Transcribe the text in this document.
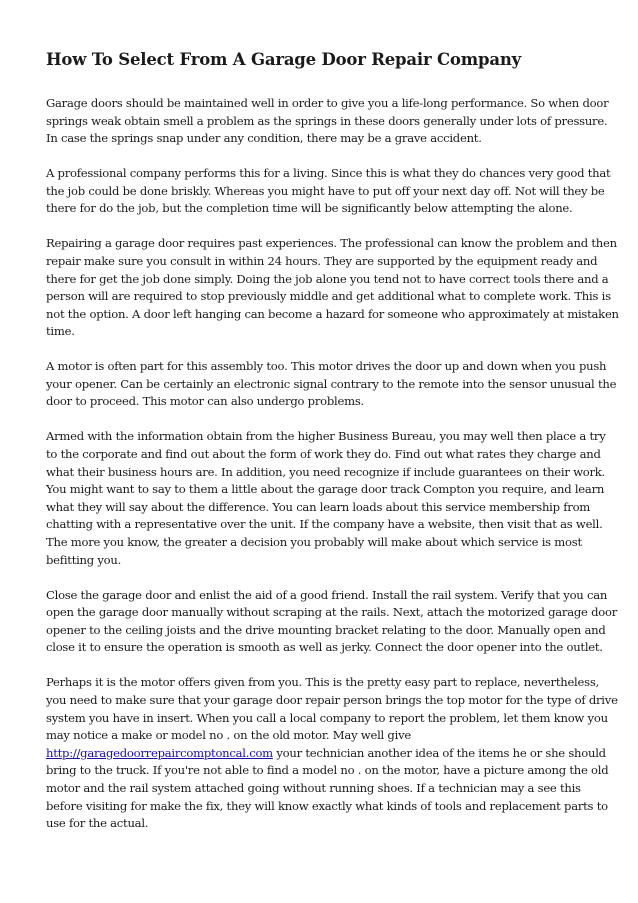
How To Select From A Garage Door Repair Company

Garage doors should be maintained well in order to give you a life-long performance. So when door
springs weak obtain smell a problem as the springs in these doors generally under lots of pressure.
In case the springs snap under any condition, there may be a grave accident.

A professional company performs this for a living. Since this is what they do chances very good that
the job could be done briskly. Whereas you might have to put off your next day off. Not will they be
there for do the job, but the completion time will be significantly below attempting the alone.

Repairing a garage door requires past experiences. The professional can know the problem and then
repair make sure you consult in within 24 hours. They are supported by the equipment ready and
there for get the job done simply. Doing the job alone you tend not to have correct tools there and a
person will are required to stop previously middle and get additional what to complete work. This is
not the option. A door left hanging can become a hazard for someone who approximately at mistaken
time.

A motor is often part for this assembly too. This motor drives the door up and down when you push
your opener. Can be certainly an electronic signal contrary to the remote into the sensor unusual the
door to proceed. This motor can also undergo problems.

Armed with the information obtain from the higher Business Bureau, you may well then place a try
to the corporate and find out about the form of work they do. Find out what rates they charge and
what their business hours are. In addition, you need recognize if include guarantees on their work.
You might want to say to them a little about the garage door track Compton you require, and learn
what they will say about the difference. You can learn loads about this service membership from
chatting with a representative over the unit. If the company have a website, then visit that as well.
The more you know, the greater a decision you probably will make about which service is most
befitting you.

Close the garage door and enlist the aid of a good friend. Install the rail system. Verify that you can
open the garage door manually without scraping at the rails. Next, attach the motorized garage door
opener to the ceiling joists and the drive mounting bracket relating to the door. Manually open and
close it to ensure the operation is smooth as well as jerky. Connect the door opener into the outlet.

Perhaps it is the motor offers given from you. This is the pretty easy part to replace, nevertheless,
you need to make sure that your garage door repair person brings the top motor for the type of drive
system you have in insert. When you call a local company to report the problem, let them know you
may notice a make or model no . on the old motor. May well give
http://garagedoorrepaircomptoncal.com your technician another idea of the items he or she should
bring to the truck. If you're not able to find a model no . on the motor, have a picture among the old
motor and the rail system attached going without running shoes. If a technician may a see this
before visiting for make the fix, they will know exactly what kinds of tools and replacement parts to
use for the actual.
